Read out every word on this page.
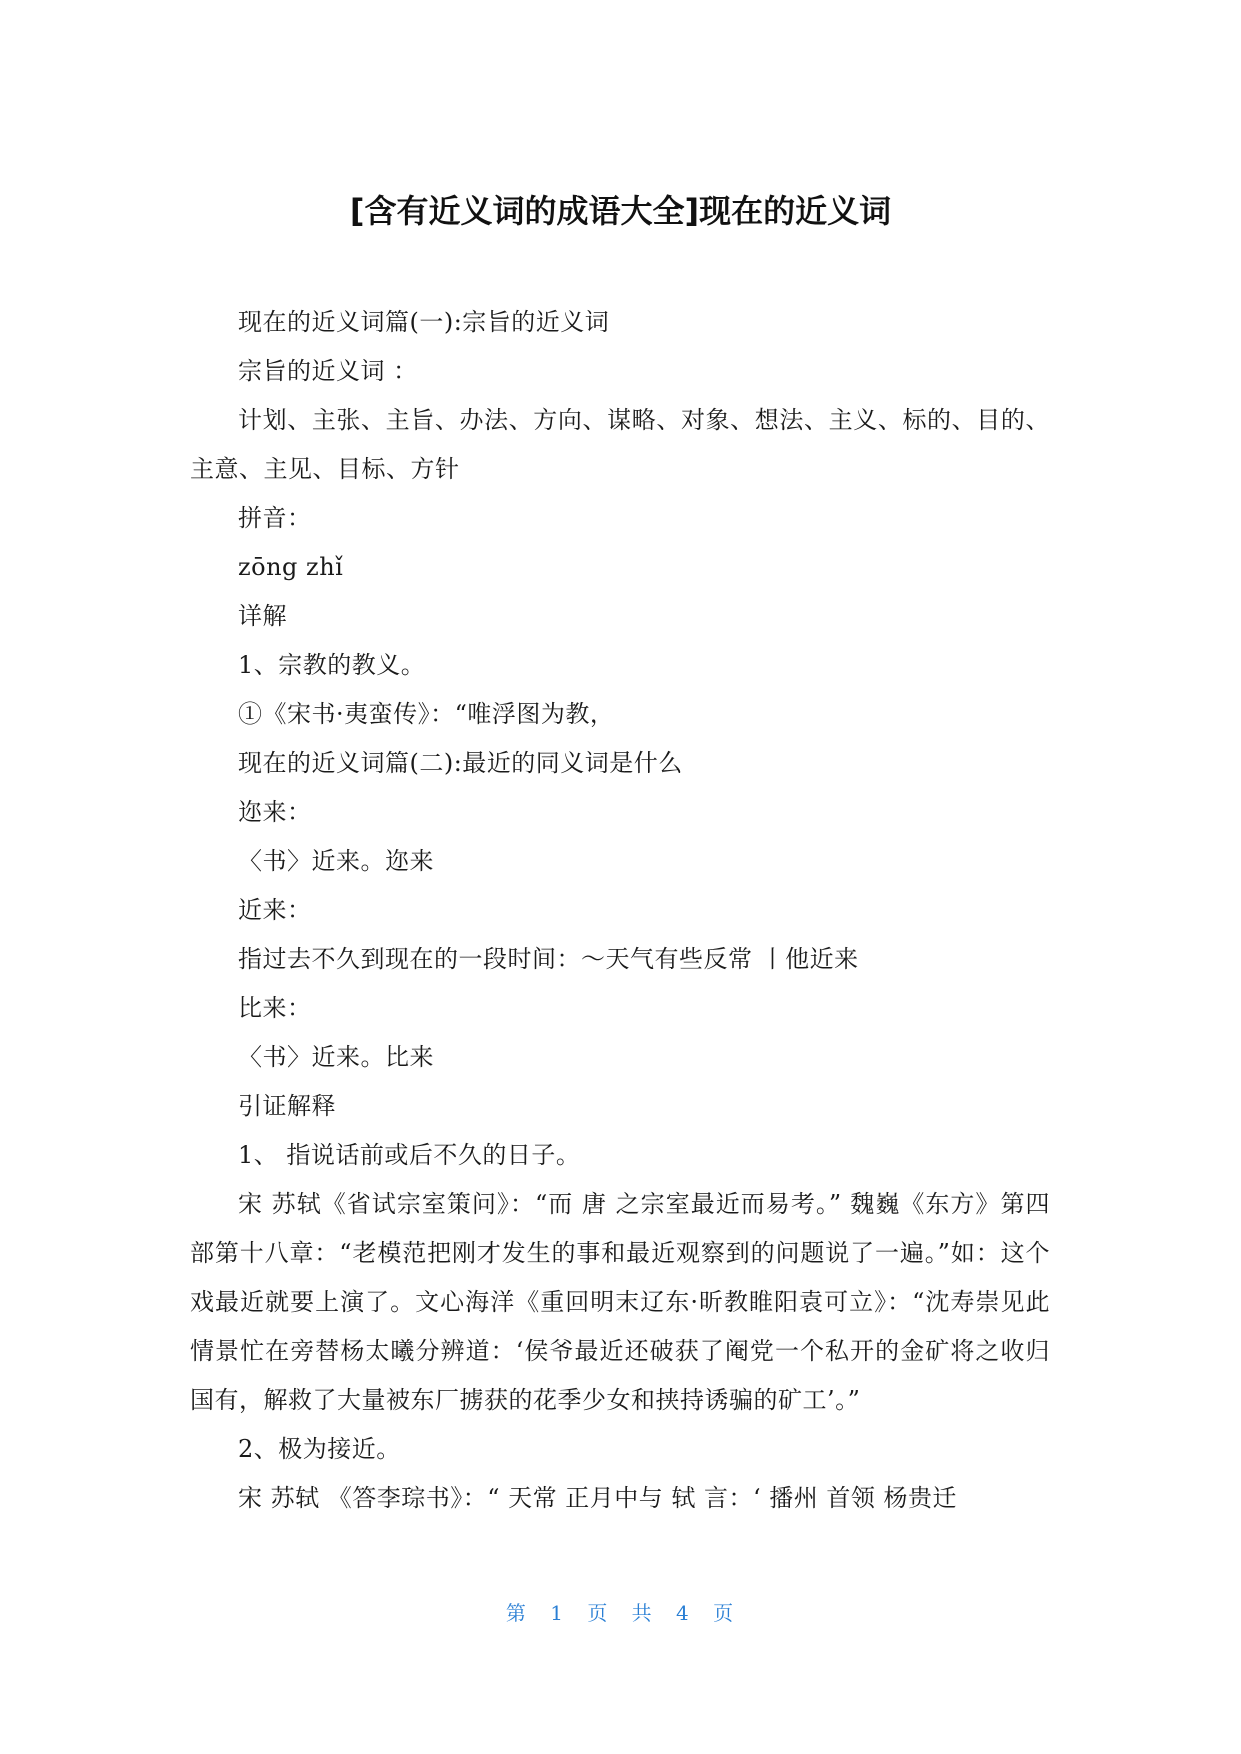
[含有近义词的成语大全]现在的近义词

现在的近义词篇(一):宗旨的近义词

宗旨的近义词 ：

计划、主张、主旨、办法、方向、谋略、对象、想法、主义、标的、目的、主意、主见、目标、方针

拼音：

zōng zhǐ

详解

1、宗教的教义。

①《宋书·夷蛮传》：“唯浮图为教，

现在的近义词篇(二):最近的同义词是什么

迩来：

〈书〉近来。迩来

近来：

指过去不久到现在的一段时间：～天气有些反常 丨他近来

比来：

〈书〉近来。比来

引证解释

1、 指说话前或后不久的日子。

宋 苏轼《省试宗室策问》：“而 唐 之宗室最近而易考。” 魏巍《东方》第四部第十八章：“老模范把刚才发生的事和最近观察到的问题说了一遍。”如：这个戏最近就要上演了。文心海洋《重回明末辽东·昕教睢阳袁可立》：“沈寿崇见此情景忙在旁替杨太曦分辨道：‘侯爷最近还破获了阉党一个私开的金矿将之收归国有，解救了大量被东厂掳获的花季少女和挟持诱骗的矿工’。”

2、极为接近。

宋 苏轼 《答李琮书》：“ 天常 正月中与 轼 言：‘ 播州 首领 杨贵迁

第 1 页 共 4 页
